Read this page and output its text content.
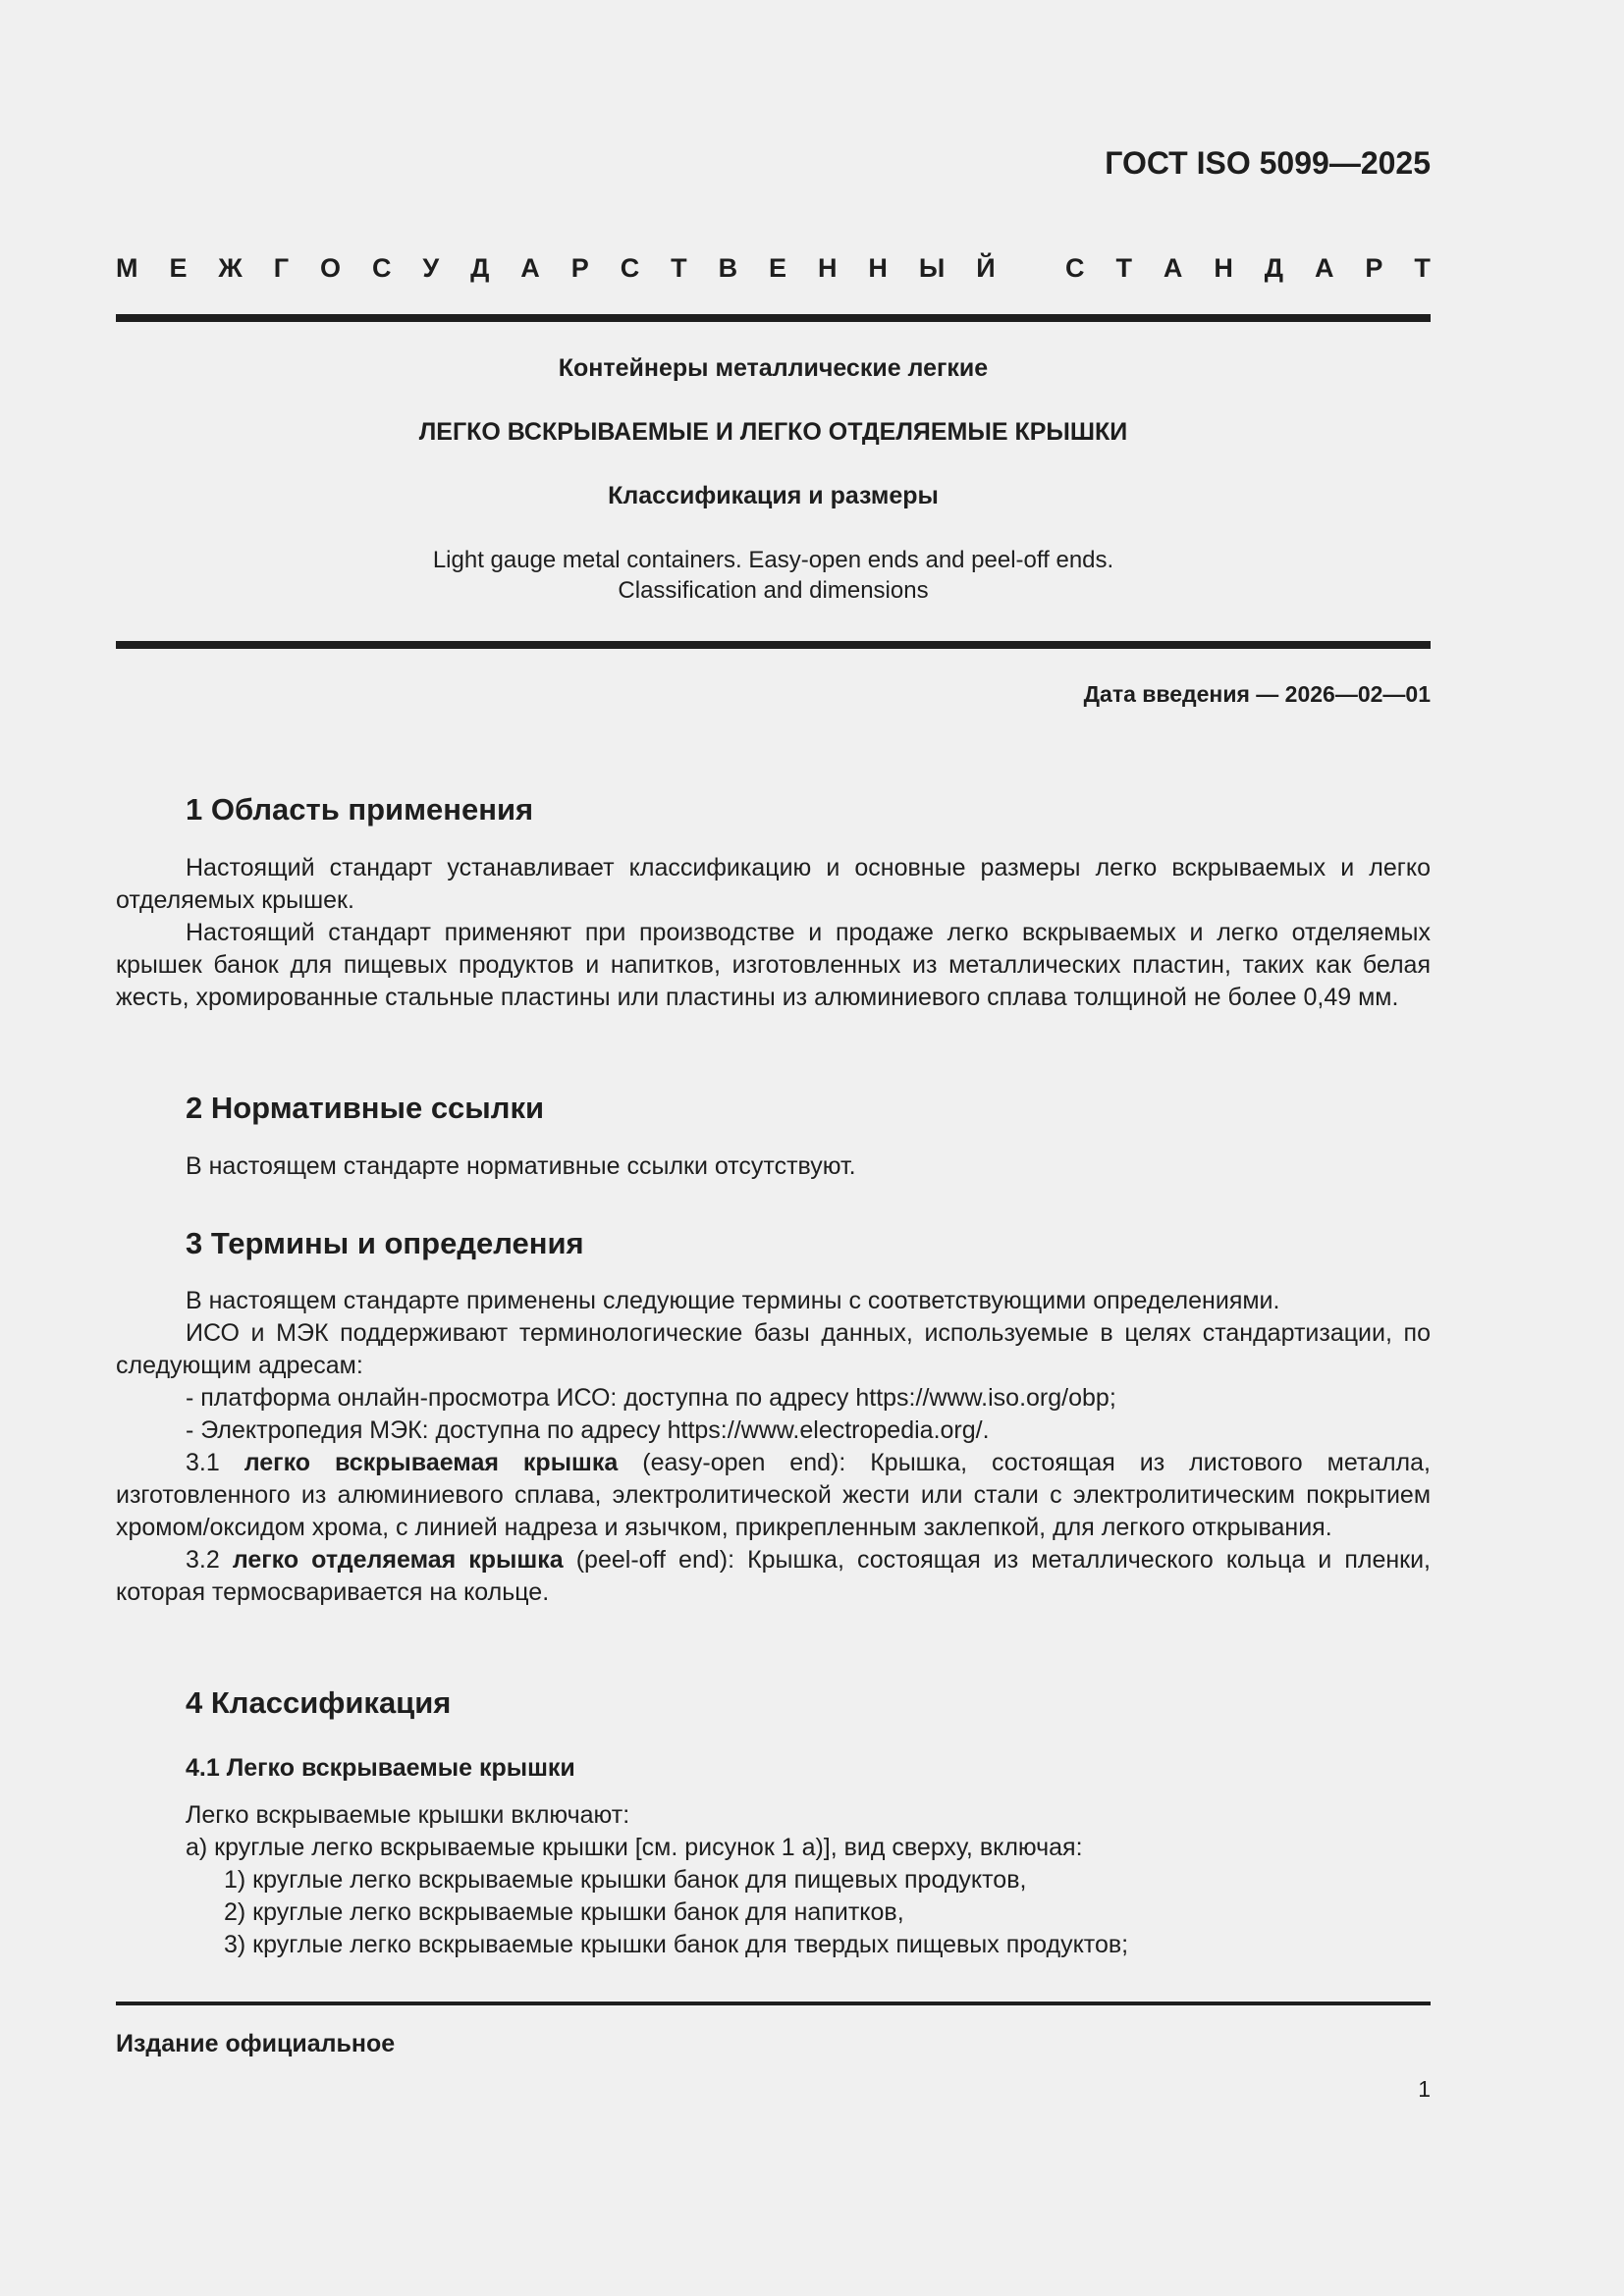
ГОСТ ISO 5099—2025
М Е Ж Г О С У Д А Р С Т В Е Н Н Ы Й
	С Т А Н Д А Р Т
Контейнеры металлические легкие
ЛЕГКО ВСКРЫВАЕМЫЕ И ЛЕГКО ОТДЕЛЯЕМЫЕ КРЫШКИ
Классификация и размеры
Light gauge metal containers. Easy-open ends and peel-off ends.
Classification and dimensions
Дата введения — 2026—02—01
1 Область применения

Настоящий стандарт устанавливает классификацию и основные размеры легко вскрываемых и легко отделяемых крышек.

Настоящий стандарт применяют при производстве и продаже легко вскрываемых и легко отделяемых крышек банок для пищевых продуктов и напитков, изготовленных из металлических пластин, таких как белая жесть, хромированные стальные пластины или пластины из алюминиевого сплава толщиной не более 0,49 мм.

2 Нормативные ссылки

В настоящем стандарте нормативные ссылки отсутствуют.

3 Термины и определения

В настоящем стандарте применены следующие термины с соответствующими определениями.

ИСО и МЭК поддерживают терминологические базы данных, используемые в целях стандартизации, по следующим адресам:

- платформа онлайн-просмотра ИСО: доступна по адресу https://www.iso.org/obp;

- Электропедия МЭК: доступна по адресу https://www.electropedia.org/.

3.1 легко вскрываемая крышка (easy-open end): Крышка, состоящая из листового металла, изготовленного из алюминиевого сплава, электролитической жести или стали с электролитическим покрытием хромом/оксидом хрома, с линией надреза и язычком, прикрепленным заклепкой, для легкого открывания.

3.2 легко отделяемая крышка (peel-off end): Крышка, состоящая из металлического кольца и пленки, которая термосваривается на кольце.

4 Классификация
4.1 Легко вскрываемые крышки

Легко вскрываемые крышки включают:

а) круглые легко вскрываемые крышки [см. рисунок 1 а)], вид сверху, включая:

1) круглые легко вскрываемые крышки банок для пищевых продуктов,

2) круглые легко вскрываемые крышки банок для напитков,

3) круглые легко вскрываемые крышки банок для твердых пищевых продуктов;

Издание официальное
1
